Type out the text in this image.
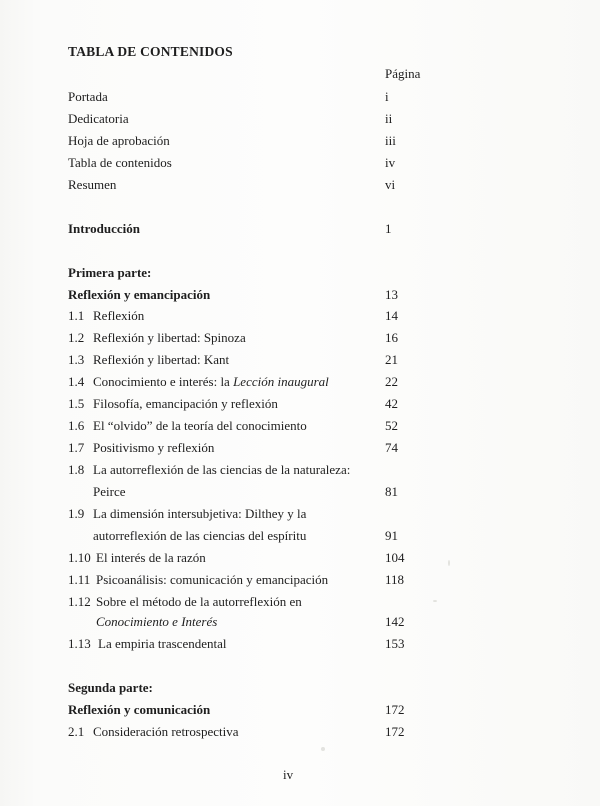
TABLA DE CONTENIDOS
Página
Portada	i
Dedicatoria	ii
Hoja de aprobación	iii
Tabla de contenidos	iv
Resumen	vi
Introducción	1
Primera parte:
Reflexión y emancipación	13
1.1 Reflexión	14
1.2 Reflexión y libertad: Spinoza	16
1.3 Reflexión y libertad: Kant	21
1.4 Conocimiento e interés: la Lección inaugural	22
1.5 Filosofía, emancipación y reflexión	42
1.6 El “olvido” de la teoría del conocimiento	52
1.7 Positivismo y reflexión	74
1.8 La autorreflexión de las ciencias de la naturaleza:
Peirce	81
1.9 La dimensión intersubjetiva: Dilthey y la
autorreflexión de las ciencias del espíritu	91
1.10 El interés de la razón	104
1.11 Psicoanálisis: comunicación y emancipación	118
1.12 Sobre el método de la autorreflexión en
Conocimiento e Interés	142
1.13 La empiria trascendental	153
Segunda parte:
Reflexión y comunicación	172
2.1 Consideración retrospectiva	172
iv
